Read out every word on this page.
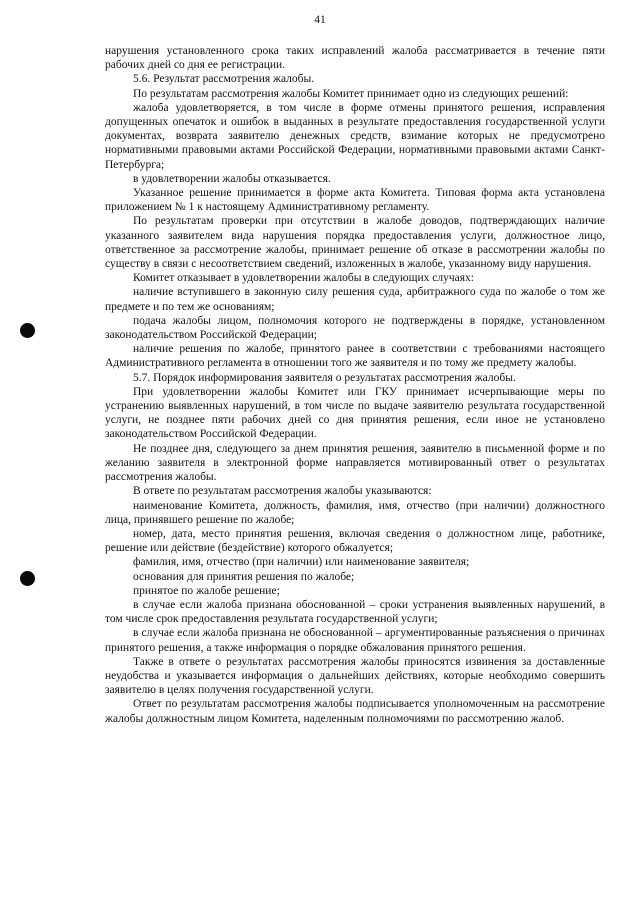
41

нарушения установленного срока таких исправлений жалоба рассматривается в течение пяти рабочих дней со дня ее регистрации.

5.6. Результат рассмотрения жалобы.

По результатам рассмотрения жалобы Комитет принимает одно из следующих решений:

жалоба удовлетворяется, в том числе в форме отмены принятого решения, исправления допущенных опечаток и ошибок в выданных в результате предоставления государственной услуги документах, возврата заявителю денежных средств, взимание которых не предусмотрено нормативными правовыми актами Российской Федерации, нормативными правовыми актами Санкт-Петербурга;

в удовлетворении жалобы отказывается.

Указанное решение принимается в форме акта Комитета. Типовая форма акта установлена приложением № 1 к настоящему Административному регламенту.

По результатам проверки при отсутствии в жалобе доводов, подтверждающих наличие указанного заявителем вида нарушения порядка предоставления услуги, должностное лицо, ответственное за рассмотрение жалобы, принимает решение об отказе в рассмотрении жалобы по существу в связи с несоответствием сведений, изложенных в жалобе, указанному виду нарушения.

Комитет отказывает в удовлетворении жалобы в следующих случаях:

наличие вступившего в законную силу решения суда, арбитражного суда по жалобе о том же предмете и по тем же основаниям;

подача жалобы лицом, полномочия которого не подтверждены в порядке, установленном законодательством Российской Федерации;

наличие решения по жалобе, принятого ранее в соответствии с требованиями настоящего Административного регламента в отношении того же заявителя и по тому же предмету жалобы.

5.7. Порядок информирования заявителя о результатах рассмотрения жалобы.

При удовлетворении жалобы Комитет или ГКУ принимает исчерпывающие меры по устранению выявленных нарушений, в том числе по выдаче заявителю результата государственной услуги, не позднее пяти рабочих дней со дня принятия решения, если иное не установлено законодательством Российской Федерации.

Не позднее дня, следующего за днем принятия решения, заявителю в письменной форме и по желанию заявителя в электронной форме направляется мотивированный ответ о результатах рассмотрения жалобы.

В ответе по результатам рассмотрения жалобы указываются:

наименование Комитета, должность, фамилия, имя, отчество (при наличии) должностного лица, принявшего решение по жалобе;

номер, дата, место принятия решения, включая сведения о должностном лице, работнике, решение или действие (бездействие) которого обжалуется;

фамилия, имя, отчество (при наличии) или наименование заявителя;

основания для принятия решения по жалобе;

принятое по жалобе решение;

в случае если жалоба признана обоснованной – сроки устранения выявленных нарушений, в том числе срок предоставления результата государственной услуги;

в случае если жалоба признана не обоснованной – аргументированные разъяснения о причинах принятого решения, а также информация о порядке обжалования принятого решения.

Также в ответе о результатах рассмотрения жалобы приносятся извинения за доставленные неудобства и указывается информация о дальнейших действиях, которые необходимо совершить заявителю в целях получения государственной услуги.

Ответ по результатам рассмотрения жалобы подписывается уполномоченным на рассмотрение жалобы должностным лицом Комитета, наделенным полномочиями по рассмотрению жалоб.
